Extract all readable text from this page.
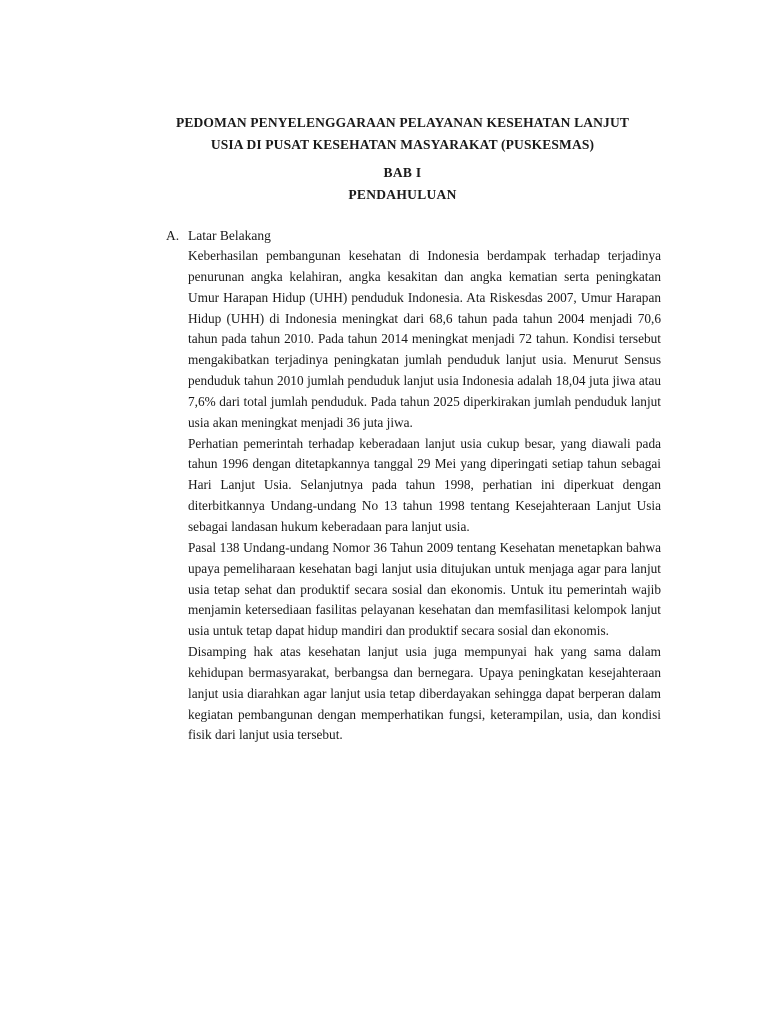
PEDOMAN PENYELENGGARAAN PELAYANAN KESEHATAN LANJUT
USIA DI PUSAT KESEHATAN MASYARAKAT (PUSKESMAS)
BAB I
PENDAHULUAN
A. Latar Belakang

Keberhasilan pembangunan kesehatan di Indonesia berdampak terhadap terjadinya penurunan angka kelahiran, angka kesakitan dan angka kematian serta peningkatan Umur Harapan Hidup (UHH) penduduk Indonesia. Ata Riskesdas 2007, Umur Harapan Hidup (UHH) di Indonesia meningkat dari 68,6 tahun pada tahun 2004 menjadi 70,6 tahun pada tahun 2010. Pada tahun 2014 meningkat menjadi 72 tahun. Kondisi tersebut mengakibatkan terjadinya peningkatan jumlah penduduk lanjut usia. Menurut Sensus penduduk tahun 2010 jumlah penduduk lanjut usia Indonesia adalah 18,04 juta jiwa atau 7,6% dari total jumlah penduduk. Pada tahun 2025 diperkirakan jumlah penduduk lanjut usia akan meningkat menjadi 36 juta jiwa.

Perhatian pemerintah terhadap keberadaan lanjut usia cukup besar, yang diawali pada tahun 1996 dengan ditetapkannya tanggal 29 Mei yang diperingati setiap tahun sebagai Hari Lanjut Usia. Selanjutnya pada tahun 1998, perhatian ini diperkuat dengan diterbitkannya Undang-undang No 13 tahun 1998 tentang Kesejahteraan Lanjut Usia sebagai landasan hukum keberadaan para lanjut usia.

Pasal 138 Undang-undang Nomor 36 Tahun 2009 tentang Kesehatan menetapkan bahwa upaya pemeliharaan kesehatan bagi lanjut usia ditujukan untuk menjaga agar para lanjut usia tetap sehat dan produktif secara sosial dan ekonomis. Untuk itu pemerintah wajib menjamin ketersediaan fasilitas pelayanan kesehatan dan memfasilitasi kelompok lanjut usia untuk tetap dapat hidup mandiri dan produktif secara sosial dan ekonomis.

Disamping hak atas kesehatan lanjut usia juga mempunyai hak yang sama dalam kehidupan bermasyarakat, berbangsa dan bernegara. Upaya peningkatan kesejahteraan lanjut usia diarahkan agar lanjut usia tetap diberdayakan sehingga dapat berperan dalam kegiatan pembangunan dengan memperhatikan fungsi, keterampilan, usia, dan kondisi fisik dari lanjut usia tersebut.
